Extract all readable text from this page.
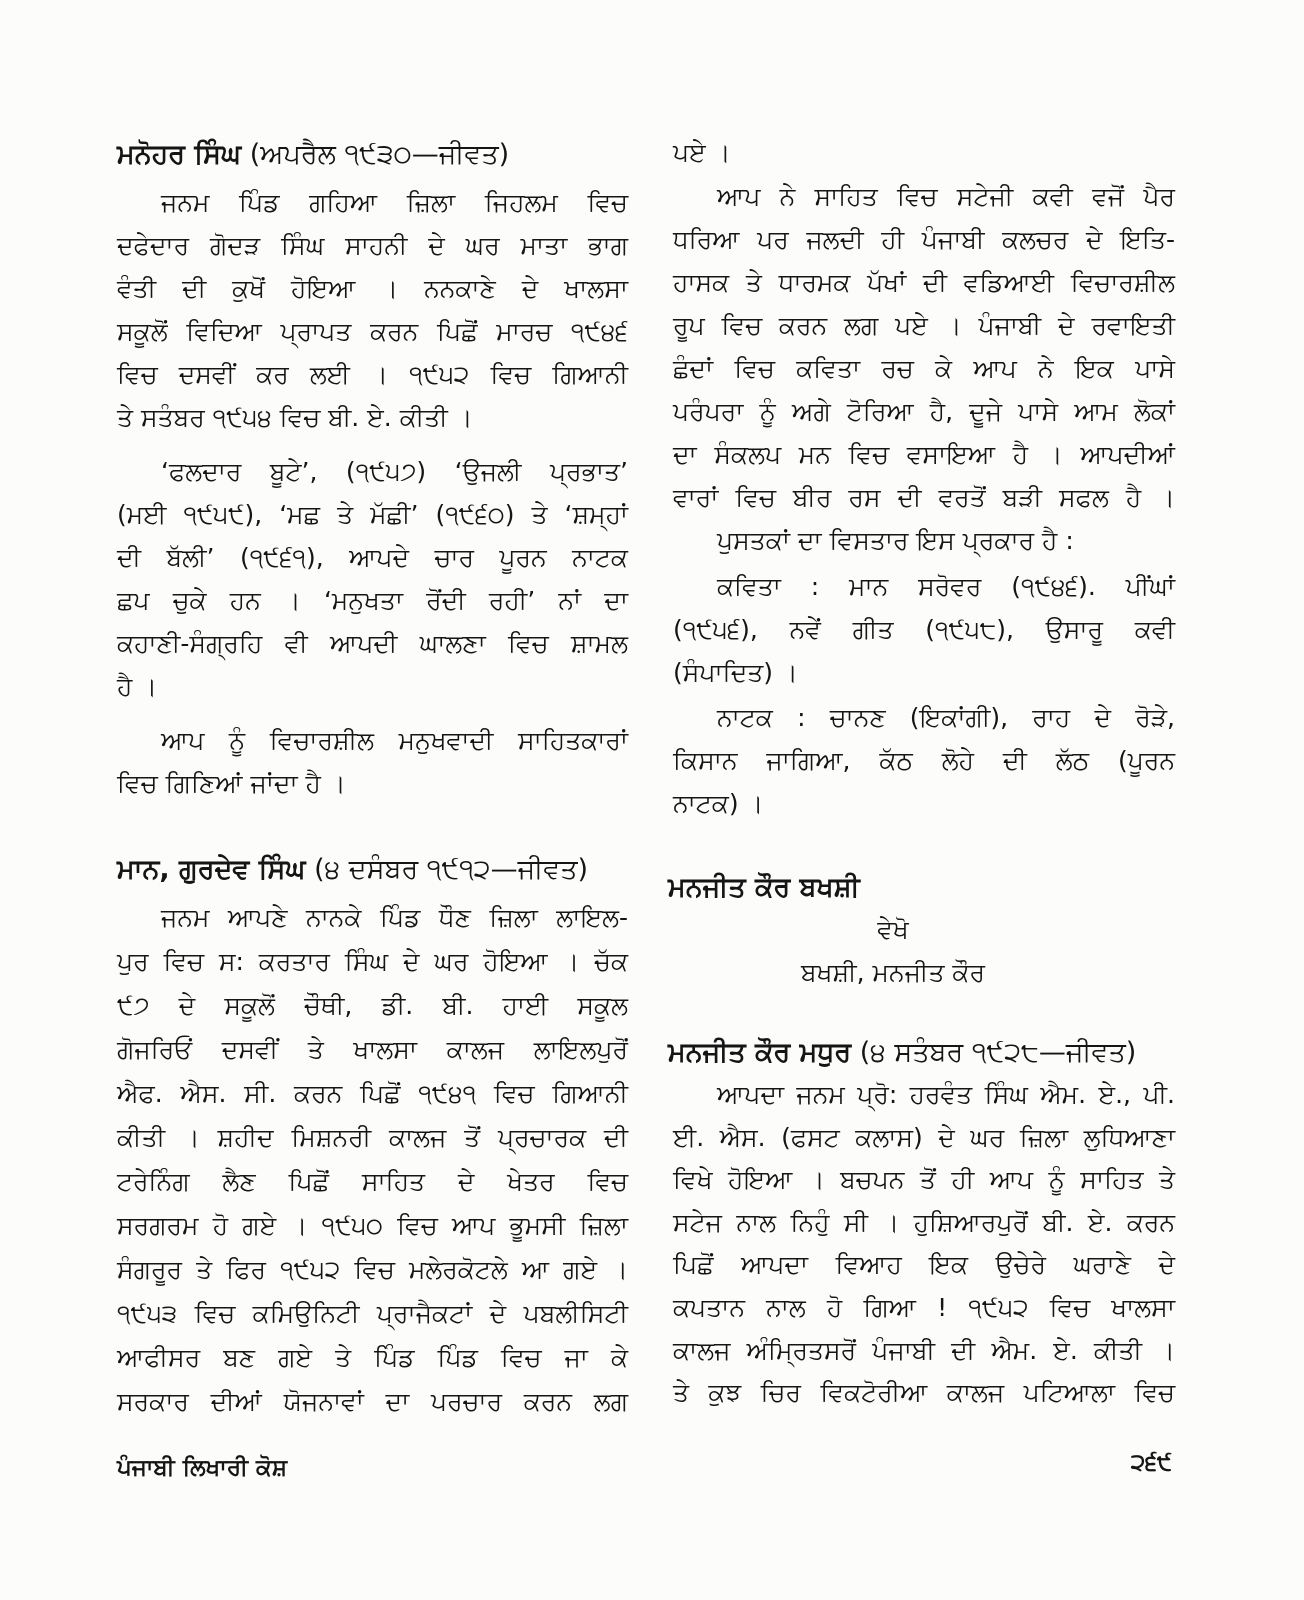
ਮਨੋਹਰ ਸਿੰਘ (ਅਪਰੈਲ ੧੯੩੦—ਜੀਵਤ)
ਜਨਮ ਪਿੰਡ ਗਹਿਆ ਜ਼ਿਲਾ ਜਿਹਲਮ ਵਿਚ
ਦਫੇਦਾਰ ਗੋਦੜ ਸਿੰਘ ਸਾਹਨੀ ਦੇ ਘਰ ਮਾਤਾ ਭਾਗ
ਵੰਤੀ ਦੀ ਕੁਖੋਂ ਹੋਇਆ । ਨਨਕਾਣੇ ਦੇ ਖਾਲਸਾ
ਸਕੂਲੋਂ ਵਿਦਿਆ ਪ੍ਰਾਪਤ ਕਰਨ ਪਿਛੋਂ ਮਾਰਚ ੧੯੪੬
ਵਿਚ ਦਸਵੀਂ ਕਰ ਲਈ । ੧੯੫੨ ਵਿਚ ਗਿਆਨੀ
ਤੇ ਸਤੰਬਰ ੧੯੫੪ ਵਿਚ ਬੀ. ਏ. ਕੀਤੀ ।
‘ਫਲਦਾਰ ਬੂਟੇ’, (੧੯੫੭) ‘ਉਜਲੀ ਪ੍ਰਭਾਤ’
(ਮਈ ੧੯੫੯), ‘ਮਛ ਤੇ ਮੱਛੀ’ (੧੯੬੦) ਤੇ ‘ਸ਼ਮ੍ਹਾਂ
ਦੀ ਬੱਲੀ’ (੧੯੬੧), ਆਪਦੇ ਚਾਰ ਪੂਰਨ ਨਾਟਕ
ਛਪ ਚੁਕੇ ਹਨ । ‘ਮਨੁਖਤਾ ਰੋਂਦੀ ਰਹੀ’ ਨਾਂ ਦਾ
ਕਹਾਣੀ-ਸੰਗ੍ਰਹਿ ਵੀ ਆਪਦੀ ਘਾਲਣਾ ਵਿਚ ਸ਼ਾਮਲ
ਹੈ ।
ਆਪ ਨੂੰ ਵਿਚਾਰਸ਼ੀਲ ਮਨੁਖਵਾਦੀ ਸਾਹਿਤਕਾਰਾਂ
ਵਿਚ ਗਿਣਿਆਂ ਜਾਂਦਾ ਹੈ ।
ਮਾਨ, ਗੁਰਦੇਵ ਸਿੰਘ (੪ ਦਸੰਬਰ ੧੯੧੨—ਜੀਵਤ)
ਜਨਮ ਆਪਣੇ ਨਾਨਕੇ ਪਿੰਡ ਧੌਣ ਜ਼ਿਲਾ ਲਾਇਲ-
ਪੁਰ ਵਿਚ ਸ: ਕਰਤਾਰ ਸਿੰਘ ਦੇ ਘਰ ਹੋਇਆ । ਚੱਕ
੯੭ ਦੇ ਸਕੂਲੋਂ ਚੌਥੀ, ਡੀ. ਬੀ. ਹਾਈ ਸਕੂਲ
ਗੋਜਰਿਓਂ ਦਸਵੀਂ ਤੇ ਖਾਲਸਾ ਕਾਲਜ ਲਾਇਲਪੁਰੋਂ
ਐਫ. ਐਸ. ਸੀ. ਕਰਨ ਪਿਛੋਂ ੧੯੪੧ ਵਿਚ ਗਿਆਨੀ
ਕੀਤੀ । ਸ਼ਹੀਦ ਮਿਸ਼ਨਰੀ ਕਾਲਜ ਤੋਂ ਪ੍ਰਚਾਰਕ ਦੀ
ਟਰੇਨਿੰਗ ਲੈਣ ਪਿਛੋਂ ਸਾਹਿਤ ਦੇ ਖੇਤਰ ਵਿਚ
ਸਰਗਰਮ ਹੋ ਗਏ । ੧੯੫੦ ਵਿਚ ਆਪ ਭੂਮਸੀ ਜ਼ਿਲਾ
ਸੰਗਰੂਰ ਤੇ ਫਿਰ ੧੯੫੨ ਵਿਚ ਮਲੇਰਕੋਟਲੇ ਆ ਗਏ ।
੧੯੫੩ ਵਿਚ ਕਮਿਉਨਿਟੀ ਪ੍ਰਾਜੈਕਟਾਂ ਦੇ ਪਬਲੀਸਿਟੀ
ਆਫੀਸਰ ਬਣ ਗਏ ਤੇ ਪਿੰਡ ਪਿੰਡ ਵਿਚ ਜਾ ਕੇ
ਸਰਕਾਰ ਦੀਆਂ ਯੋਜਨਾਵਾਂ ਦਾ ਪਰਚਾਰ ਕਰਨ ਲਗ
ਪਏ ।
ਆਪ ਨੇ ਸਾਹਿਤ ਵਿਚ ਸਟੇਜੀ ਕਵੀ ਵਜੋਂ ਪੈਰ
ਧਰਿਆ ਪਰ ਜਲਦੀ ਹੀ ਪੰਜਾਬੀ ਕਲਚਰ ਦੇ ਇਤਿ-
ਹਾਸਕ ਤੇ ਧਾਰਮਕ ਪੱਖਾਂ ਦੀ ਵਡਿਆਈ ਵਿਚਾਰਸ਼ੀਲ
ਰੂਪ ਵਿਚ ਕਰਨ ਲਗ ਪਏ । ਪੰਜਾਬੀ ਦੇ ਰਵਾਇਤੀ
ਛੰਦਾਂ ਵਿਚ ਕਵਿਤਾ ਰਚ ਕੇ ਆਪ ਨੇ ਇਕ ਪਾਸੇ
ਪਰੰਪਰਾ ਨੂੰ ਅਗੇ ਟੋਰਿਆ ਹੈ, ਦੂਜੇ ਪਾਸੇ ਆਮ ਲੋਕਾਂ
ਦਾ ਸੰਕਲਪ ਮਨ ਵਿਚ ਵਸਾਇਆ ਹੈ । ਆਪਦੀਆਂ
ਵਾਰਾਂ ਵਿਚ ਬੀਰ ਰਸ ਦੀ ਵਰਤੋਂ ਬੜੀ ਸਫਲ ਹੈ ।
ਪੁਸਤਕਾਂ ਦਾ ਵਿਸਤਾਰ ਇਸ ਪ੍ਰਕਾਰ ਹੈ :
ਕਵਿਤਾ : ਮਾਨ ਸਰੋਵਰ (੧੯੪੬). ਪੀਂਘਾਂ
(੧੯੫੬), ਨਵੇਂ ਗੀਤ (੧੯੫੮), ਉਸਾਰੂ ਕਵੀ
(ਸੰਪਾਦਿਤ) ।
ਨਾਟਕ : ਚਾਨਣ (ਇਕਾਂਗੀ), ਰਾਹ ਦੇ ਰੋੜੇ,
ਕਿਸਾਨ ਜਾਗਿਆ, ਕੱਠ ਲੋਹੇ ਦੀ ਲੱਠ (ਪੂਰਨ
ਨਾਟਕ) ।
ਮਨਜੀਤ ਕੌਰ ਬਖਸ਼ੀ
ਵੇਖੋ
ਬਖਸ਼ੀ, ਮਨਜੀਤ ਕੌਰ
ਮਨਜੀਤ ਕੌਰ ਮਧੁਰ (੪ ਸਤੰਬਰ ੧੯੨੮—ਜੀਵਤ)
ਆਪਦਾ ਜਨਮ ਪ੍ਰੋ: ਹਰਵੰਤ ਸਿੰਘ ਐਮ. ਏ., ਪੀ.
ਈ. ਐਸ. (ਫਸਟ ਕਲਾਸ) ਦੇ ਘਰ ਜ਼ਿਲਾ ਲੁਧਿਆਣਾ
ਵਿਖੇ ਹੋਇਆ । ਬਚਪਨ ਤੋਂ ਹੀ ਆਪ ਨੂੰ ਸਾਹਿਤ ਤੇ
ਸਟੇਜ ਨਾਲ ਨਿਹੁੰ ਸੀ । ਹੁਸ਼ਿਆਰਪੁਰੋਂ ਬੀ. ਏ. ਕਰਨ
ਪਿਛੋਂ ਆਪਦਾ ਵਿਆਹ ਇਕ ਉਚੇਰੇ ਘਰਾਣੇ ਦੇ
ਕਪਤਾਨ ਨਾਲ ਹੋ ਗਿਆ ! ੧੯੫੨ ਵਿਚ ਖਾਲਸਾ
ਕਾਲਜ ਅੰਮ੍ਰਿਤਸਰੋਂ ਪੰਜਾਬੀ ਦੀ ਐਮ. ਏ. ਕੀਤੀ ।
ਤੇ ਕੁਝ ਚਿਰ ਵਿਕਟੋਰੀਆ ਕਾਲਜ ਪਟਿਆਲਾ ਵਿਚ
ਪੰਜਾਬੀ ਲਿਖਾਰੀ ਕੋਸ਼	੨੬੯
